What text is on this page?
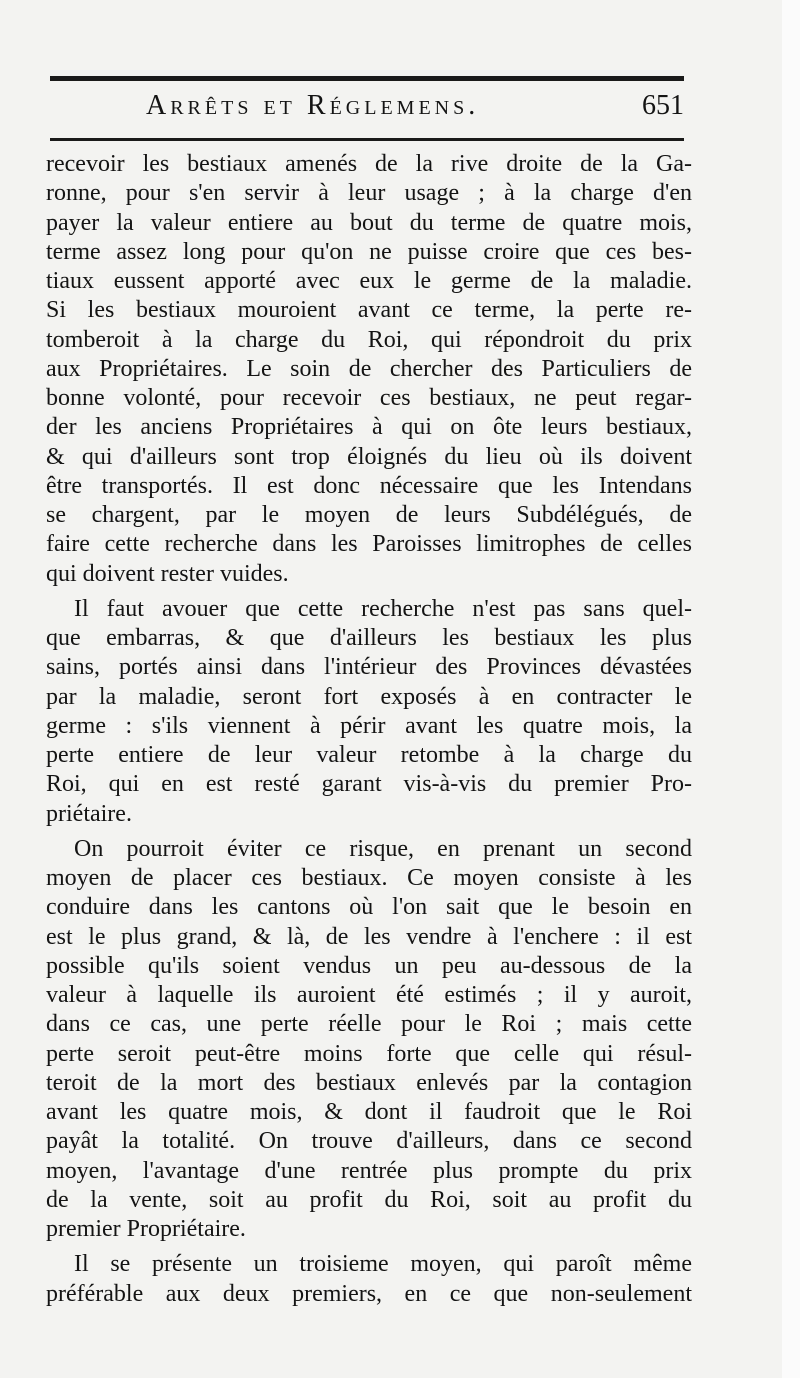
Arrêts et Réglemens.	651
recevoir les bestiaux amenés de la rive droite de la Ga-
ronne, pour s'en servir à leur usage ; à la charge d'en
payer la valeur entiere au bout du terme de quatre mois,
terme assez long pour qu'on ne puisse croire que ces bes-
tiaux eussent apporté avec eux le germe de la maladie.
Si les bestiaux mouroient avant ce terme, la perte re-
tomberoit à la charge du Roi, qui répondroit du prix
aux Propriétaires. Le soin de chercher des Particuliers de
bonne volonté, pour recevoir ces bestiaux, ne peut regar-
der les anciens Propriétaires à qui on ôte leurs bestiaux,
& qui d'ailleurs sont trop éloignés du lieu où ils doivent
être transportés. Il est donc nécessaire que les Intendans
se chargent, par le moyen de leurs Subdélégués, de
faire cette recherche dans les Paroisses limitrophes de celles
qui doivent rester vuides.
Il faut avouer que cette recherche n'est pas sans quel-
que embarras, & que d'ailleurs les bestiaux les plus
sains, portés ainsi dans l'intérieur des Provinces dévastées
par la maladie, seront fort exposés à en contracter le
germe : s'ils viennent à périr avant les quatre mois, la
perte entiere de leur valeur retombe à la charge du
Roi, qui en est resté garant vis-à-vis du premier Pro-
priétaire.
On pourroit éviter ce risque, en prenant un second
moyen de placer ces bestiaux. Ce moyen consiste à les
conduire dans les cantons où l'on sait que le besoin en
est le plus grand, & là, de les vendre à l'enchere : il est
possible qu'ils soient vendus un peu au-dessous de la
valeur à laquelle ils auroient été estimés ; il y auroit,
dans ce cas, une perte réelle pour le Roi ; mais cette
perte seroit peut-être moins forte que celle qui résul-
teroit de la mort des bestiaux enlevés par la contagion
avant les quatre mois, & dont il faudroit que le Roi
payât la totalité. On trouve d'ailleurs, dans ce second
moyen, l'avantage d'une rentrée plus prompte du prix
de la vente, soit au profit du Roi, soit au profit du
premier Propriétaire.
Il se présente un troisieme moyen, qui paroît même
préférable aux deux premiers, en ce que non-seulement
